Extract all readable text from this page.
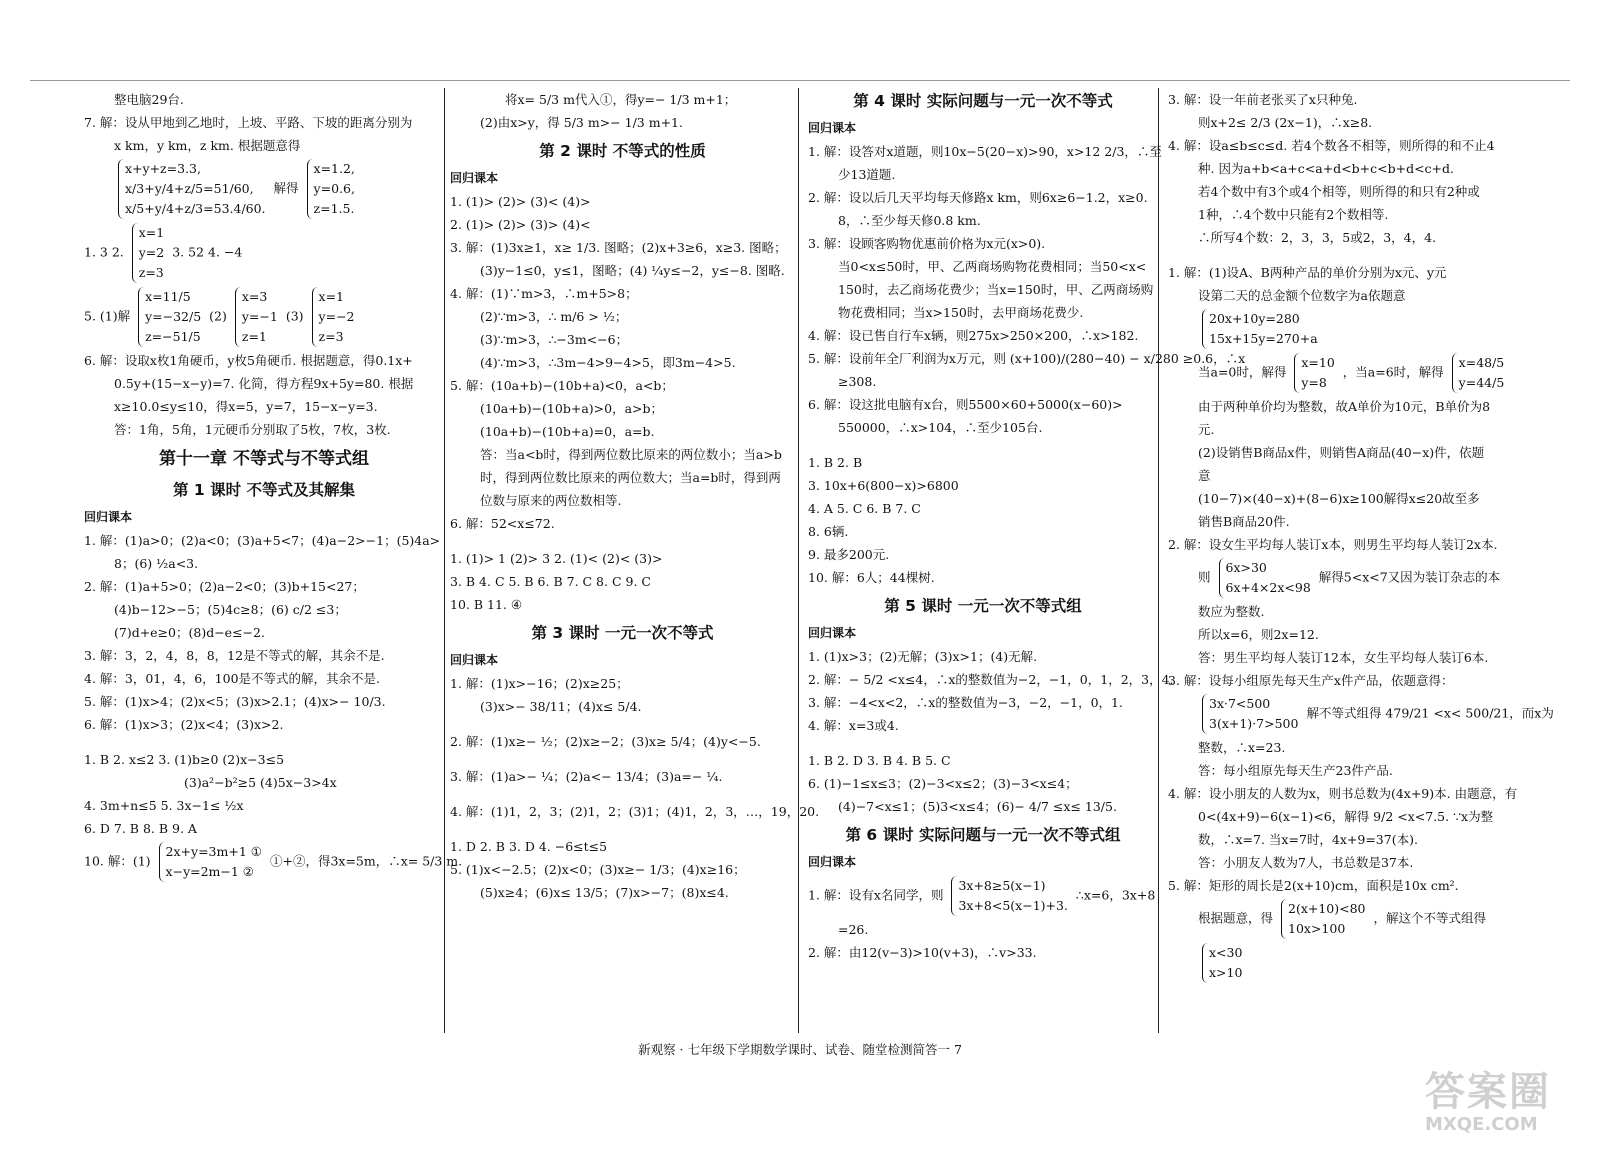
整电脑29台.
7. 解：设从甲地到乙地时，上坡、平路、下坡的距离分别为
x km，y km，z km. 根据题意得
x+y+z=3.3,
x/3+y/4+z/5=51/60,
x/5+y/4+z/3=53.4/60.
解得
x=1.2,
y=0.6,
z=1.5.
1. 3 2.
x=1
y=2
z=3
3. 52 4. −4
5. (1)解
x=11/5
y=−32/5
z=−51/5
(2)
x=3
y=−1
z=1
(3)
x=1
y=−2
z=3
6. 解：设取x枚1角硬币，y枚5角硬币. 根据题意，得0.1x+
0.5y+(15−x−y)=7. 化简，得方程9x+5y=80. 根据
x≥10.0≤y≤10，得x=5，y=7，15−x−y=3.
答：1角，5角，1元硬币分别取了5枚，7枚，3枚.
第十一章 不等式与不等式组
第 1 课时 不等式及其解集
回归课本
1. 解：(1)a>0；(2)a<0；(3)a+5<7；(4)a−2>−1；(5)4a>
8；(6) ½a<3.
2. 解：(1)a+5>0；(2)a−2<0；(3)b+15<27；
(4)b−12>−5；(5)4c≥8；(6) c/2 ≤3；
(7)d+e≥0；(8)d−e≤−2.
3. 解：3，2，4，8，8，12是不等式的解，其余不是.
4. 解：3，01，4，6，100是不等式的解，其余不是.
5. 解：(1)x>4；(2)x<5；(3)x>2.1；(4)x>− 10/3.
6. 解：(1)x>3；(2)x<4；(3)x>2.
1. B 2. x≤2 3. (1)b≥0 (2)x−3≤5
(3)a²−b²≥5 (4)5x−3>4x
4. 3m+n≤5 5. 3x−1≤ ½x
6. D 7. B 8. B 9. A
10. 解：(1)
2x+y=3m+1 ①
x−y=2m−1 ②
①+②，得3x=5m，∴x= 5/3 m.
将x= 5/3 m代入①，得y=− 1/3 m+1；
(2)由x>y，得 5/3 m>− 1/3 m+1.
第 2 课时 不等式的性质
回归课本
1. (1)> (2)> (3)< (4)>
2. (1)> (2)> (3)> (4)<
3. 解：(1)3x≥1，x≥ 1/3. 图略；(2)x+3≥6，x≥3. 图略；
(3)y−1≤0，y≤1，图略；(4) ¼y≤−2，y≤−8. 图略.
4. 解：(1)∵m>3，∴m+5>8；
(2)∵m>3，∴ m/6 > ½；
(3)∵m>3，∴−3m<−6；
(4)∵m>3，∴3m−4>9−4>5，即3m−4>5.
5. 解：(10a+b)−(10b+a)<0，a<b；
(10a+b)−(10b+a)>0，a>b；
(10a+b)−(10b+a)=0，a=b.
答：当a<b时，得到两位数比原来的两位数小；当a>b
时，得到两位数比原来的两位数大；当a=b时，得到两
位数与原来的两位数相等.
6. 解：52<x≤72.
1. (1)> 1 (2)> 3 2. (1)< (2)< (3)>
3. B 4. C 5. B 6. B 7. C 8. C 9. C
10. B 11. ④
第 3 课时 一元一次不等式
回归课本
1. 解：(1)x>−16；(2)x≥25；
(3)x>− 38/11；(4)x≤ 5/4.
2. 解：(1)x≥− ½；(2)x≥−2；(3)x≥ 5/4；(4)y<−5.
3. 解：(1)a>− ¼；(2)a<− 13/4；(3)a=− ¼.
4. 解：(1)1，2，3；(2)1，2；(3)1；(4)1，2，3，…，19，20.
1. D 2. B 3. D 4. −6≤t≤5
5. (1)x<−2.5；(2)x<0；(3)x≥− 1/3；(4)x≥16；
(5)x≥4；(6)x≤ 13/5；(7)x>−7；(8)x≤4.
第 4 课时 实际问题与一元一次不等式
回归课本
1. 解：设答对x道题，则10x−5(20−x)>90，x>12 2/3，∴至
少13道题.
2. 解：设以后几天平均每天修路x km，则6x≥6−1.2，x≥0.
8，∴至少每天修0.8 km.
3. 解：设顾客购物优惠前价格为x元(x>0).
当0<x≤50时，甲、乙两商场购物花费相同；当50<x<
150时，去乙商场花费少；当x=150时，甲、乙两商场购
物花费相同；当x>150时，去甲商场花费少.
4. 解：设已售自行车x辆，则275x>250×200，∴x>182.
5. 解：设前年全厂利润为x万元，则 (x+100)/(280−40) − x/280 ≥0.6，∴x
≥308.
6. 解：设这批电脑有x台，则5500×60+5000(x−60)>
550000，∴x>104，∴至少105台.
1. B 2. B
3. 10x+6(800−x)>6800
4. A 5. C 6. B 7. C
8. 6辆.
9. 最多200元.
10. 解：6人；44棵树.
第 5 课时 一元一次不等式组
回归课本
1. (1)x>3；(2)无解；(3)x>1；(4)无解.
2. 解：− 5/2 <x≤4，∴x的整数值为−2，−1，0，1，2，3，4.
3. 解：−4<x<2，∴x的整数值为−3，−2，−1，0，1.
4. 解：x=3或4.
1. B 2. D 3. B 4. B 5. C
6. (1)−1≤x≤3；(2)−3<x≤2；(3)−3<x≤4；
(4)−7<x≤1；(5)3<x≤4；(6)− 4/7 ≤x≤ 13/5.
第 6 课时 实际问题与一元一次不等式组
回归课本
1. 解：设有x名同学，则
3x+8≥5(x−1)
3x+8<5(x−1)+3.
∴x=6，3x+8
=26.
2. 解：由12(v−3)>10(v+3)，∴v>33.
3. 解：设一年前老张买了x只种兔.
则x+2≤ 2/3 (2x−1)，∴x≥8.
4. 解：设a≤b≤c≤d. 若4个数各不相等，则所得的和不止4
种. 因为a+b<a+c<a+d<b+c<b+d<c+d.
若4个数中有3个或4个相等，则所得的和只有2种或
1种，∴4个数中只能有2个数相等.
∴所写4个数：2，3，3，5或2，3，4，4.
1. 解：(1)设A、B两种产品的单价分别为x元、y元
设第二天的总金额个位数字为a依题意
20x+10y=280
15x+15y=270+a
当a=0时，解得
x=10
y=8
，当a=6时，解得
x=48/5
y=44/5
由于两种单价均为整数，故A单价为10元，B单价为8
元.
(2)设销售B商品x件，则销售A商品(40−x)件，依题
意
(10−7)×(40−x)+(8−6)x≥100解得x≤20故至多
销售B商品20件.
2. 解：设女生平均每人装订x本，则男生平均每人装订2x本.
则
6x>30
6x+4×2x<98
解得5<x<7又因为装订杂志的本
数应为整数.
所以x=6，则2x=12.
答：男生平均每人装订12本，女生平均每人装订6本.
3. 解：设每小组原先每天生产x件产品，依题意得：
3x·7<500
3(x+1)·7>500
解不等式组得 479/21 <x< 500/21，而x为
整数，∴x=23.
答：每小组原先每天生产23件产品.
4. 解：设小朋友的人数为x，则书总数为(4x+9)本. 由题意，有
0<(4x+9)−6(x−1)<6，解得 9/2 <x<7.5. ∵x为整
数，∴x=7. 当x=7时，4x+9=37(本).
答：小朋友人数为7人，书总数是37本.
5. 解：矩形的周长是2(x+10)cm，面积是10x cm².
根据题意，得
2(x+10)<80
10x>100
，解这个不等式组得
x<30
x>10
新观察 · 七年级下学期数学课时、试卷、随堂检测简答一 7
答案圈
MXQE.COM
